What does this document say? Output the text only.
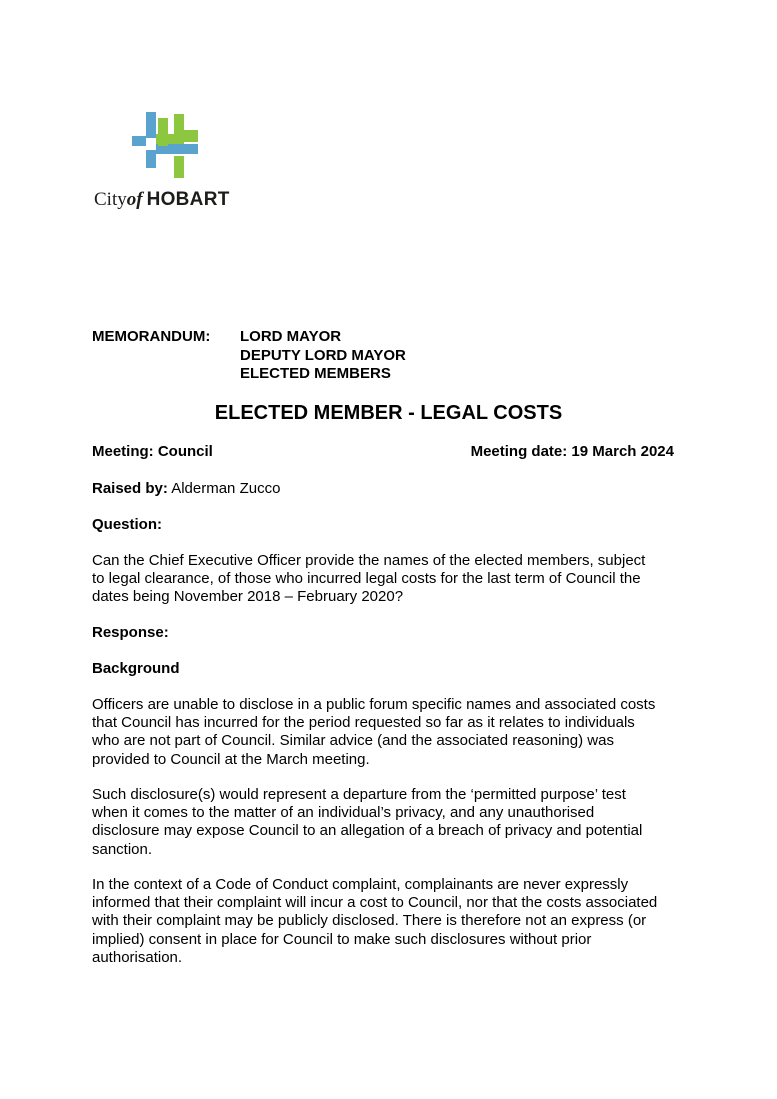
Cityof HOBART
MEMORANDUM: LORD MAYOR
DEPUTY LORD MAYOR
ELECTED MEMBERS
ELECTED MEMBER - LEGAL COSTS
Meeting: Council	Meeting date: 19 March 2024
Raised by: Alderman Zucco
Question:
Can the Chief Executive Officer provide the names of the elected members, subject
to legal clearance, of those who incurred legal costs for the last term of Council the
dates being November 2018 – February 2020?
Response:
Background
Officers are unable to disclose in a public forum specific names and associated costs
that Council has incurred for the period requested so far as it relates to individuals
who are not part of Council. Similar advice (and the associated reasoning) was
provided to Council at the March meeting.
Such disclosure(s) would represent a departure from the ‘permitted purpose’ test
when it comes to the matter of an individual’s privacy, and any unauthorised
disclosure may expose Council to an allegation of a breach of privacy and potential
sanction.
In the context of a Code of Conduct complaint, complainants are never expressly
informed that their complaint will incur a cost to Council, nor that the costs associated
with their complaint may be publicly disclosed. There is therefore not an express (or
implied) consent in place for Council to make such disclosures without prior
authorisation.
